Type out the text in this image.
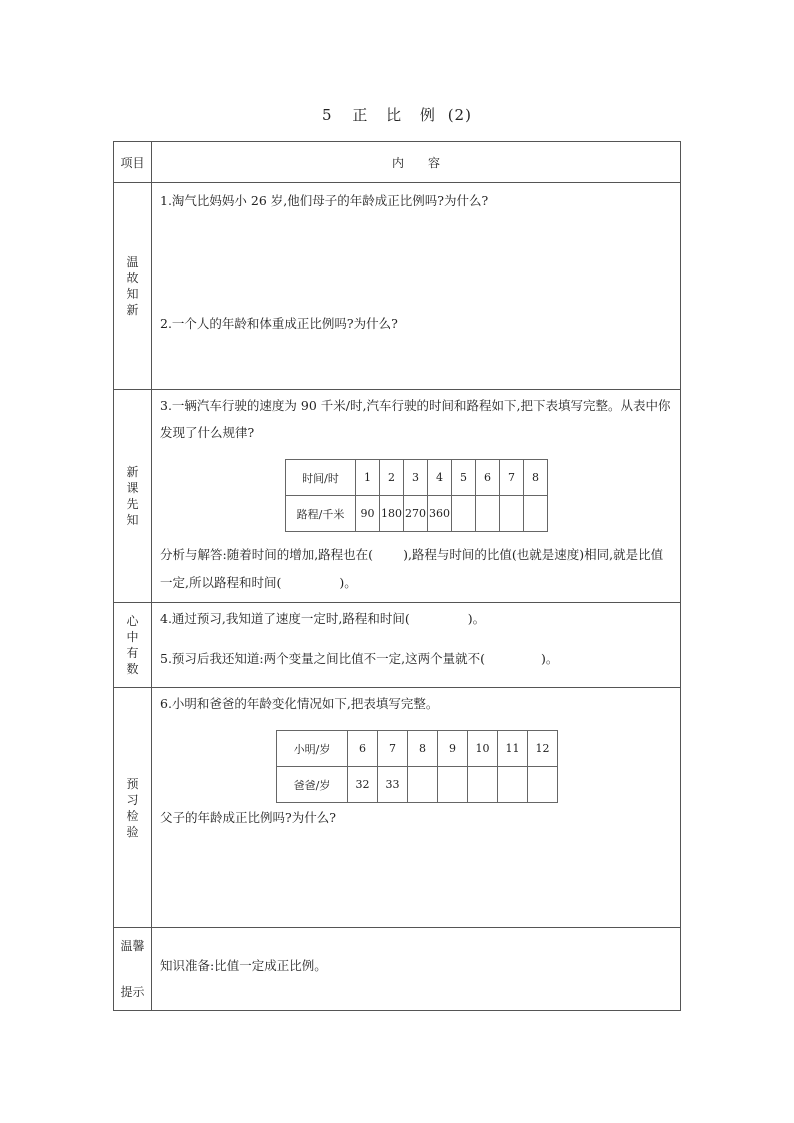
5 正 比 例 (2)
项目	内　　容
温故知新	
1.淘气比妈妈小 26 岁,他们母子的年龄成正比例吗?为什么?
2.一个人的年龄和体重成正比例吗?为什么?

新课先知	
3.一辆汽车行驶的速度为 90 千米/时,汽车行驶的时间和路程如下,把下表填写完整。从表中你发现了什么规律?
时间/时	1	2	3	4	5	6	7	8
路程/千米	90	180	270	360				
分析与解答:随着时间的增加,路程也在( ),路程与时间的比值(也就是速度)相同,就是比值一定,所以路程和时间(	)。

心中有数	
4.通过预习,我知道了速度一定时,路程和时间(	)。
5.预习后我还知道:两个变量之间比值不一定,这两个量就不(	)。

预习检验	
6.小明和爸爸的年龄变化情况如下,把表填写完整。
小明/岁	6	7	8	9	10	11	12
爸爸/岁	32	33					
父子的年龄成正比例吗?为什么?

温馨
提示

知识准备:比值一定成正比例。
